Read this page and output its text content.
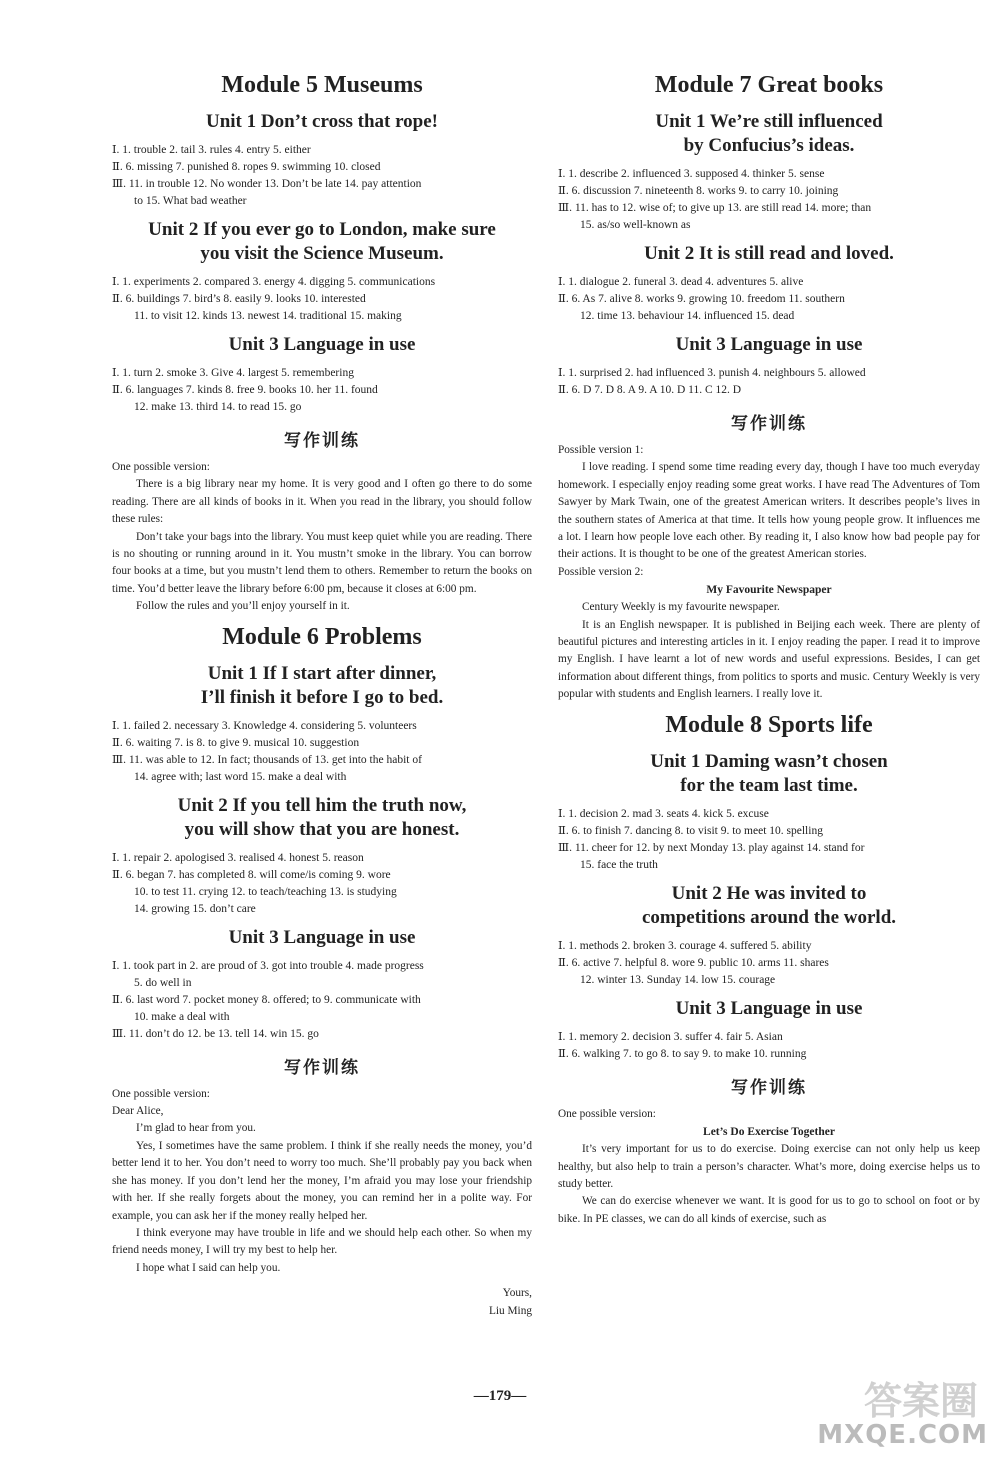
Module 5 Museums
Unit 1 Don’t cross that rope!
Ⅰ. 1. trouble 2. tail 3. rules 4. entry 5. either
Ⅱ. 6. missing 7. punished 8. ropes 9. swimming 10. closed
Ⅲ. 11. in trouble 12. No wonder 13. Don’t be late 14. pay attention
to 15. What bad weather
Unit 2 If you ever go to London, make sure
you visit the Science Museum.
Ⅰ. 1. experiments 2. compared 3. energy 4. digging 5. communications
Ⅱ. 6. buildings 7. bird’s 8. easily 9. looks 10. interested
11. to visit 12. kinds 13. newest 14. traditional 15. making
Unit 3 Language in use
Ⅰ. 1. turn 2. smoke 3. Give 4. largest 5. remembering
Ⅱ. 6. languages 7. kinds 8. free 9. books 10. her 11. found
12. make 13. third 14. to read 15. go
写作训练

One possible version:

There is a big library near my home. It is very good and I often go there to do some reading. There are all kinds of books in it. When you read in the library, you should follow these rules:

Don’t take your bags into the library. You must keep quiet while you are reading. There is no shouting or running around in it. You mustn’t smoke in the library. You can borrow four books at a time, but you mustn’t lend them to others. Remember to return the books on time. You’d better leave the library before 6:00 pm, because it closes at 6:00 pm.

Follow the rules and you’ll enjoy yourself in it.

Module 6 Problems
Unit 1 If I start after dinner,
I’ll finish it before I go to bed.
Ⅰ. 1. failed 2. necessary 3. Knowledge 4. considering 5. volunteers
Ⅱ. 6. waiting 7. is 8. to give 9. musical 10. suggestion
Ⅲ. 11. was able to 12. In fact; thousands of 13. get into the habit of
14. agree with; last word 15. make a deal with
Unit 2 If you tell him the truth now,
you will show that you are honest.
Ⅰ. 1. repair 2. apologised 3. realised 4. honest 5. reason
Ⅱ. 6. began 7. has completed 8. will come/is coming 9. wore
10. to test 11. crying 12. to teach/teaching 13. is studying
14. growing 15. don’t care
Unit 3 Language in use
Ⅰ. 1. took part in 2. are proud of 3. got into trouble 4. made progress
5. do well in
Ⅱ. 6. last word 7. pocket money 8. offered; to 9. communicate with
10. make a deal with
Ⅲ. 11. don’t do 12. be 13. tell 14. win 15. go
写作训练

One possible version:

Dear Alice,

I’m glad to hear from you.

Yes, I sometimes have the same problem. I think if she really needs the money, you’d better lend it to her. You don’t need to worry too much. She’ll probably pay you back when she has money. If you don’t lend her the money, I’m afraid you may lose your friendship with her. If she really forgets about the money, you can remind her in a polite way. For example, you can ask her if the money really helped her.

I think everyone may have trouble in life and we should help each other. So when my friend needs money, I will try my best to help her.

I hope what I said can help you.

Yours,
Liu Ming
Module 7 Great books
Unit 1 We’re still influenced
by Confucius’s ideas.
Ⅰ. 1. describe 2. influenced 3. supposed 4. thinker 5. sense
Ⅱ. 6. discussion 7. nineteenth 8. works 9. to carry 10. joining
Ⅲ. 11. has to 12. wise of; to give up 13. are still read 14. more; than
15. as/so well-known as
Unit 2 It is still read and loved.
Ⅰ. 1. dialogue 2. funeral 3. dead 4. adventures 5. alive
Ⅱ. 6. As 7. alive 8. works 9. growing 10. freedom 11. southern
12. time 13. behaviour 14. influenced 15. dead
Unit 3 Language in use
Ⅰ. 1. surprised 2. had influenced 3. punish 4. neighbours 5. allowed
Ⅱ. 6. D 7. D 8. A 9. A 10. D 11. C 12. D
写作训练

Possible version 1:

I love reading. I spend some time reading every day, though I have too much everyday homework. I especially enjoy reading some great works. I have read The Adventures of Tom Sawyer by Mark Twain, one of the greatest American writers. It describes people’s lives in the southern states of America at that time. It tells how young people grow. It influences me a lot. I learn how people love each other. By reading it, I also know how bad people pay for their actions. It is thought to be one of the greatest American stories.

Possible version 2:

My Favourite Newspaper

Century Weekly is my favourite newspaper.

It is an English newspaper. It is published in Beijing each week. There are plenty of beautiful pictures and interesting articles in it. I enjoy reading the paper. I read it to improve my English. I have learnt a lot of new words and useful expressions. Besides, I can get information about different things, from politics to sports and music. Century Weekly is very popular with students and English learners. I really love it.

Module 8 Sports life
Unit 1 Daming wasn’t chosen
for the team last time.
Ⅰ. 1. decision 2. mad 3. seats 4. kick 5. excuse
Ⅱ. 6. to finish 7. dancing 8. to visit 9. to meet 10. spelling
Ⅲ. 11. cheer for 12. by next Monday 13. play against 14. stand for
15. face the truth
Unit 2 He was invited to
competitions around the world.
Ⅰ. 1. methods 2. broken 3. courage 4. suffered 5. ability
Ⅱ. 6. active 7. helpful 8. wore 9. public 10. arms 11. shares
12. winter 13. Sunday 14. low 15. courage
Unit 3 Language in use
Ⅰ. 1. memory 2. decision 3. suffer 4. fair 5. Asian
Ⅱ. 6. walking 7. to go 8. to say 9. to make 10. running
写作训练

One possible version:

Let’s Do Exercise Together

It’s very important for us to do exercise. Doing exercise can not only help us keep healthy, but also help to train a person’s character. What’s more, doing exercise helps us to study better.

We can do exercise whenever we want. It is good for us to go to school on foot or by bike. In PE classes, we can do all kinds of exercise, such as

—179—	答案圈
MXQE.COM
